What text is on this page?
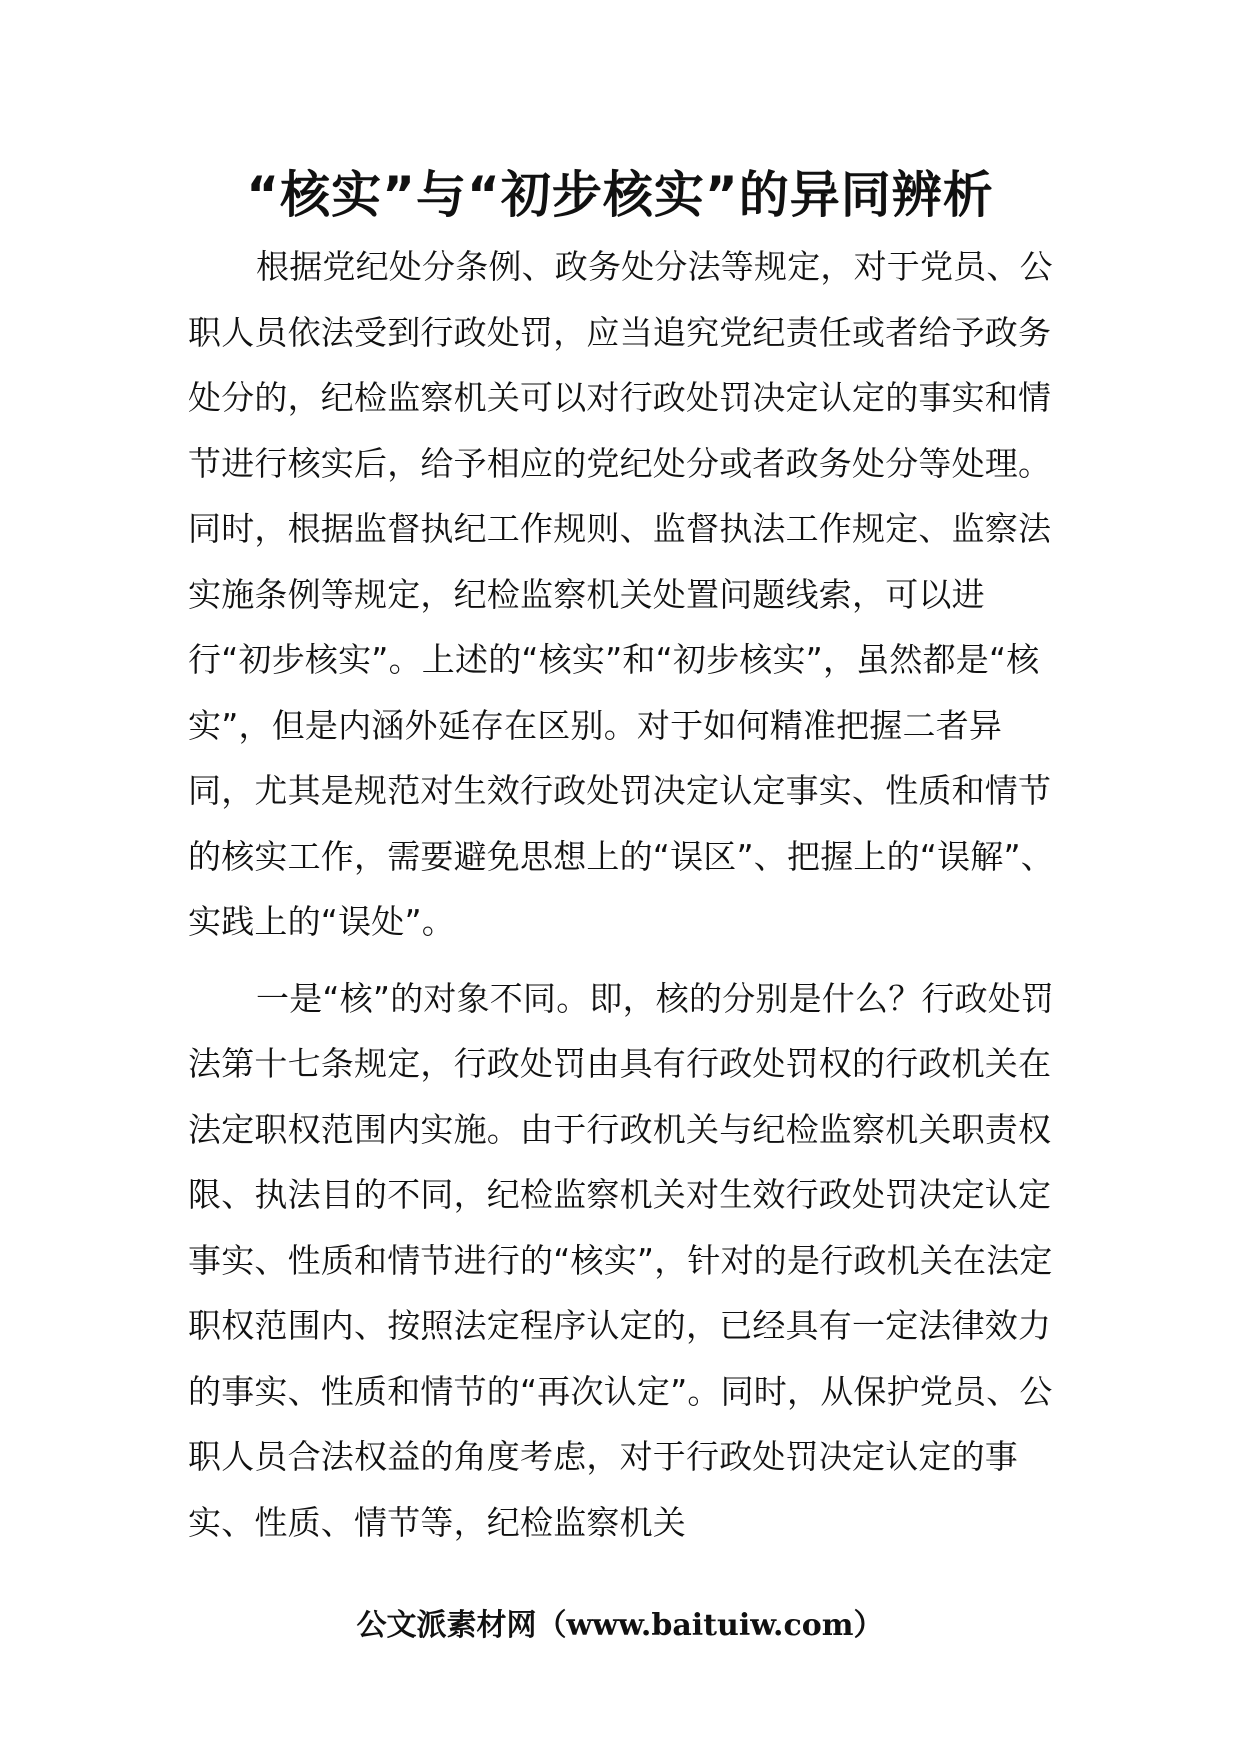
“核实”与“初步核实”的异同辨析

根据党纪处分条例、政务处分法等规定，对于党员、公职人员依法受到行政处罚，应当追究党纪责任或者给予政务处分的，纪检监察机关可以对行政处罚决定认定的事实和情节进行核实后，给予相应的党纪处分或者政务处分等处理。同时，根据监督执纪工作规则、监督执法工作规定、监察法实施条例等规定，纪检监察机关处置问题线索，可以进行“初步核实”。上述的“核实”和“初步核实”，虽然都是“核实”，但是内涵外延存在区别。对于如何精准把握二者异同，尤其是规范对生效行政处罚决定认定事实、性质和情节的核实工作，需要避免思想上的“误区”、把握上的“误解”、实践上的“误处”。

一是“核”的对象不同。即，核的分别是什么？行政处罚法第十七条规定，行政处罚由具有行政处罚权的行政机关在法定职权范围内实施。由于行政机关与纪检监察机关职责权限、执法目的不同，纪检监察机关对生效行政处罚决定认定事实、性质和情节进行的“核实”，针对的是行政机关在法定职权范围内、按照法定程序认定的，已经具有一定法律效力的事实、性质和情节的“再次认定”。同时，从保护党员、公职人员合法权益的角度考虑，对于行政处罚决定认定的事实、性质、情节等，纪检监察机关

公文派素材网（www.baituiw.com）
